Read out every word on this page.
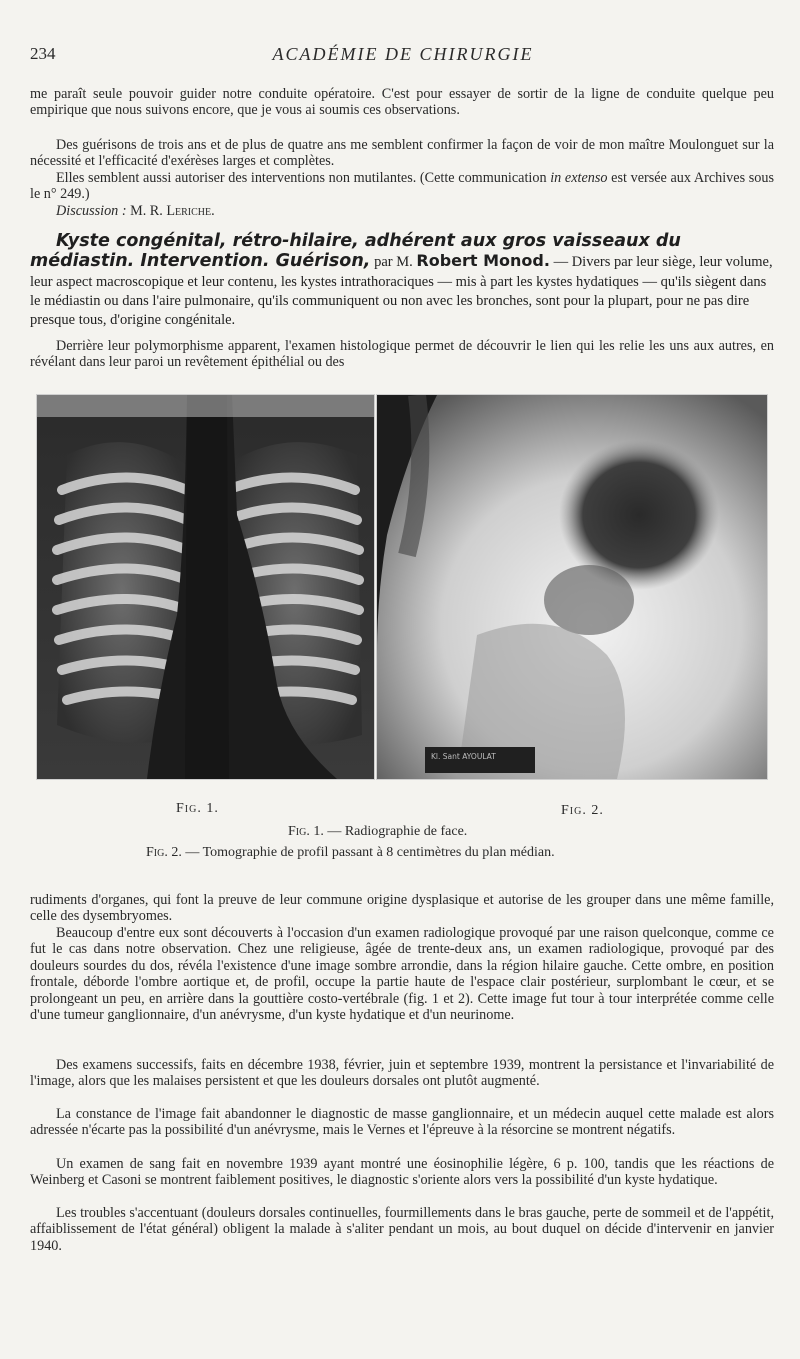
234	ACADÉMIE DE CHIRURGIE

me paraît seule pouvoir guider notre conduite opératoire. C'est pour essayer de sortir de la ligne de conduite quelque peu empirique que nous suivons encore, que je vous ai soumis ces observations.

Des guérisons de trois ans et de plus de quatre ans me semblent confirmer la façon de voir de mon maître Moulonguet sur la nécessité et l'efficacité d'exérèses larges et complètes.

Elles semblent aussi autoriser des interventions non mutilantes. (Cette communication in extenso est versée aux Archives sous le n° 249.)

Discussion : M. R. Leriche.

Kyste congénital, rétro-hilaire, adhérent aux gros vaisseaux du médiastin. Intervention. Guérison, par M. Robert Monod. — Divers par leur siège, leur volume, leur aspect macroscopique et leur contenu, les kystes intrathoraciques — mis à part les kystes hydatiques — qu'ils siègent dans le médiastin ou dans l'aire pulmonaire, qu'ils communiquent ou non avec les bronches, sont pour la plupart, pour ne pas dire presque tous, d'origine congénitale.

Derrière leur polymorphisme apparent, l'examen histologique permet de découvrir le lien qui les relie les uns aux autres, en révélant dans leur paroi un revêtement épithélial ou des

Kl. Sant AYOULAT
Fig. 1.	Fig. 2.
Fig. 1. — Radiographie de face.
Fig. 2. — Tomographie de profil passant à 8 centimètres du plan médian.

rudiments d'organes, qui font la preuve de leur commune origine dysplasique et autorise de les grouper dans une même famille, celle des dysembryomes.

Beaucoup d'entre eux sont découverts à l'occasion d'un examen radiologique provoqué par une raison quelconque, comme ce fut le cas dans notre observation. Chez une religieuse, âgée de trente-deux ans, un examen radiologique, provoqué par des douleurs sourdes du dos, révéla l'existence d'une image sombre arrondie, dans la région hilaire gauche. Cette ombre, en position frontale, déborde l'ombre aortique et, de profil, occupe la partie haute de l'espace clair postérieur, surplombant le cœur, et se prolongeant un peu, en arrière dans la gouttière costo-vertébrale (fig. 1 et 2). Cette image fut tour à tour interprétée comme celle d'une tumeur ganglionnaire, d'un anévrysme, d'un kyste hydatique et d'un neurinome.

Des examens successifs, faits en décembre 1938, février, juin et septembre 1939, montrent la persistance et l'invariabilité de l'image, alors que les malaises persistent et que les douleurs dorsales ont plutôt augmenté.

La constance de l'image fait abandonner le diagnostic de masse ganglionnaire, et un médecin auquel cette malade est alors adressée n'écarte pas la possibilité d'un anévrysme, mais le Vernes et l'épreuve à la résorcine se montrent négatifs.

Un examen de sang fait en novembre 1939 ayant montré une éosinophilie légère, 6 p. 100, tandis que les réactions de Weinberg et Casoni se montrent faiblement positives, le diagnostic s'oriente alors vers la possibilité d'un kyste hydatique.

Les troubles s'accentuant (douleurs dorsales continuelles, fourmillements dans le bras gauche, perte de sommeil et de l'appétit, affaiblissement de l'état général) obligent la malade à s'aliter pendant un mois, au bout duquel on décide d'intervenir en janvier 1940.
